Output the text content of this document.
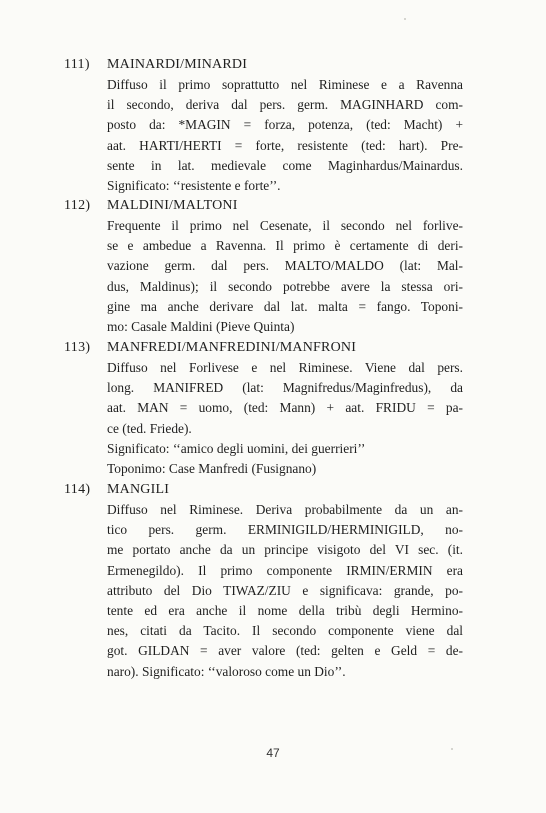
111)	MAINARDI/MINARDI
Diffuso il primo soprattutto nel Riminese e a Ravenna
il secondo, deriva dal pers. germ. MAGINHARD com-
posto da: *MAGIN = forza, potenza, (ted: Macht) +
aat. HARTI/HERTI = forte, resistente (ted: hart). Pre-
sente in lat. medievale come Maginhardus/Mainardus.
Significato: ‘‘resistente e forte’’.
112)	MALDINI/MALTONI
Frequente il primo nel Cesenate, il secondo nel forlive-
se e ambedue a Ravenna. Il primo è certamente di deri-
vazione germ. dal pers. MALTO/MALDO (lat: Mal-
dus, Maldinus); il secondo potrebbe avere la stessa ori-
gine ma anche derivare dal lat. malta = fango. Toponi-
mo: Casale Maldini (Pieve Quinta)
113)	MANFREDI/MANFREDINI/MANFRONI
Diffuso nel Forlivese e nel Riminese. Viene dal pers.
long. MANIFRED (lat: Magnifredus/Maginfredus), da
aat. MAN = uomo, (ted: Mann) + aat. FRIDU = pa-
ce (ted. Friede).
Significato: ‘‘amico degli uomini, dei guerrieri’’
Toponimo: Case Manfredi (Fusignano)
114)	MANGILI
Diffuso nel Riminese. Deriva probabilmente da un an-
tico pers. germ. ERMINIGILD/HERMINIGILD, no-
me portato anche da un principe visigoto del VI sec. (it.
Ermenegildo). Il primo componente IRMIN/ERMIN era
attributo del Dio TIWAZ/ZIU e significava: grande, po-
tente ed era anche il nome della tribù degli Hermino-
nes, citati da Tacito. Il secondo componente viene dal
got. GILDAN = aver valore (ted: gelten e Geld = de-
naro). Significato: ‘‘valoroso come un Dio’’.
47
